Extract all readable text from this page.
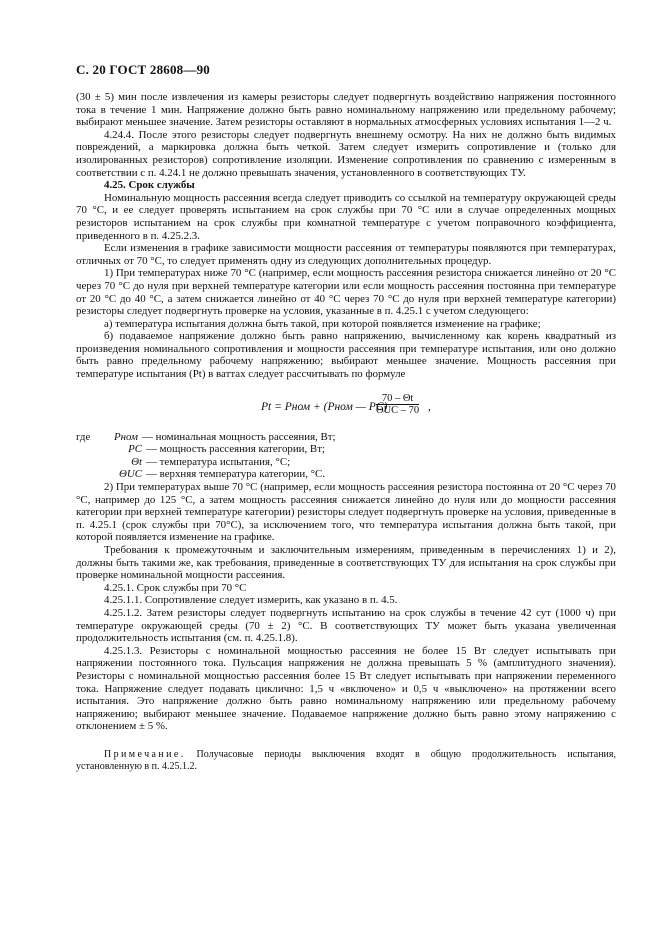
С. 20 ГОСТ 28608—90

(30 ± 5) мин после извлечения из камеры резисторы следует подвергнуть воздействию напряжения постоянного тока в течение 1 мин. Напряжение должно быть равно номинальному напряжению или предельному рабочему; выбирают меньшее значение. Затем резисторы оставляют в нормальных атмосферных условиях испытания 1—2 ч.

4.24.4. После этого резисторы следует подвергнуть внешнему осмотру. На них не должно быть видимых повреждений, а маркировка должна быть четкой. Затем следует измерить сопротивление и (только для изолированных резисторов) сопротивление изоляции. Изменение сопротивления по сравнению с измеренным в соответствии с п. 4.24.1 не должно превышать значения, установленного в соответствующих ТУ.

4.25. Срок службы

Номинальную мощность рассеяния всегда следует приводить со ссылкой на температуру окружающей среды 70 °С, и ее следует проверять испытанием на срок службы при 70 °С или в случае определенных мощных резисторов испытанием на срок службы при комнатной температуре с учетом поправочного коэффициента, приведенного в п. 4.25.2.3.

Если изменения в графике зависимости мощности рассеяния от температуры появляются при температурах, отличных от 70 °С, то следует применять одну из следующих дополнительных процедур.

1) При температурах ниже 70 °С (например, если мощность рассеяния резистора снижается линейно от 20 °С через 70 °С до нуля при верхней температуре категории или если мощность рассеяния постоянна при температуре от 20 °С до 40 °С, а затем снижается линейно от 40 °С через 70 °С до нуля при верхней температуре категории) резисторы следует подвергнуть проверке на условия, указанные в п. 4.25.1 с учетом следующего:

а) температура испытания должна быть такой, при которой появляется изменение на графике;

б) подаваемое напряжение должно быть равно напряжению, вычисленному как корень квадратный из произведения номинального сопротивления и мощности рассеяния при температуре испытания, или оно должно быть равно предельному рабочему напряжению; выбирают меньшее значение. Мощность рассеяния при температуре испытания (Pt) в ваттах следует рассчитывать по формуле

Pt = Pном + (Pном — PC)
70 – Θt
ΘUC – 70 ,
где	Pном — номинальная мощность рассеяния, Вт;
PC — мощность рассеяния категории, Вт;
Θt — температура испытания, °С;
ΘUC — верхняя температура категории, °С.

2) При температурах выше 70 °С (например, если мощность рассеяния резистора постоянна от 20 °С через 70 °С, например до 125 °С, а затем мощность рассеяния снижается линейно до нуля или до мощности рассеяния категории при верхней температуре категории) резисторы следует подвергнуть проверке на условия, приведенные в п. 4.25.1 (срок службы при 70°С), за исключением того, что температура испытания должна быть такой, при которой появляется изменение на графике.

Требования к промежуточным и заключительным измерениям, приведенным в перечислениях 1) и 2), должны быть такими же, как требования, приведенные в соответствующих ТУ для испытания на срок службы при проверке номинальной мощности рассеяния.

4.25.1. Срок службы при 70 °С

4.25.1.1. Сопротивление следует измерить, как указано в п. 4.5.

4.25.1.2. Затем резисторы следует подвергнуть испытанию на срок службы в течение 42 сут (1000 ч) при температуре окружающей среды (70 ± 2) °С. В соответствующих ТУ может быть указана увеличенная продолжительность испытания (см. п. 4.25.1.8).

4.25.1.3. Резисторы с номинальной мощностью рассеяния не более 15 Вт следует испытывать при напряжении постоянного тока. Пульсация напряжения не должна превышать 5 % (амплитудного значения). Резисторы с номинальной мощностью рассеяния более 15 Вт следует испытывать при напряжении переменного тока. Напряжение следует подавать циклично: 1,5 ч «включено» и 0,5 ч «выключено» на протяжении всего испытания. Это напряжение должно быть равно номинальному напряжению или предельному рабочему напряжению; выбирают меньшее значение. Подаваемое напряжение должно быть равно этому напряжению с отклонением ± 5 %.

Примечание. Получасовые периоды выключения входят в общую продолжительность испытания, установленную в п. 4.25.1.2.
